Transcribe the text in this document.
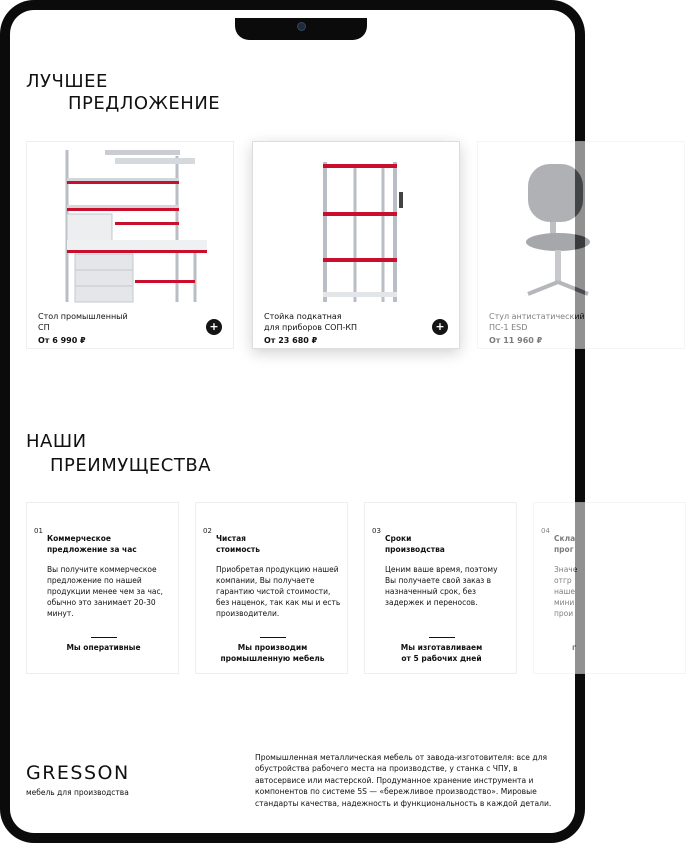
ЛУЧШЕЕ
ПРЕДЛОЖЕНИЕ
Стол промышленный
СП
От 6 990 ₽
+
Стойка подкатная
для приборов СОП-КП
От 23 680 ₽
+
Стул антистатический
ПС-1 ESD
От 11 960 ₽
НАШИ
ПРЕИМУЩЕСТВА
01
Коммерческое
предложение за час
Вы получите коммерческое предложение по нашей продукции менее чем за час, обычно это занимает 20-30 минут.
Мы оперативные
02
Чистая
стоимость
Приобретая продукцию нашей компании, Вы получаете гарантию чистой стоимости, без наценок, так как мы и есть производители.
Мы производим
промышленную мебель
03
Сроки
производства
Ценим ваше время, поэтому Вы получаете свой заказ в назначенный срок, без задержек и переносов.
Мы изготавливаем
от 5 рабочих дней
04
Скла
прог
Значе отгр наше мини прои
г
GRESSON
мебель для производства
Промышленная металлическая мебель от завода-изготовителя: все для обустройства рабочего места на производстве, у станка с ЧПУ, в автосервисе или мастерской. Продуманное хранение инструмента и компонентов по системе 5S — «бережливое производство». Мировые стандарты качества, надежность и функциональность в каждой детали.
